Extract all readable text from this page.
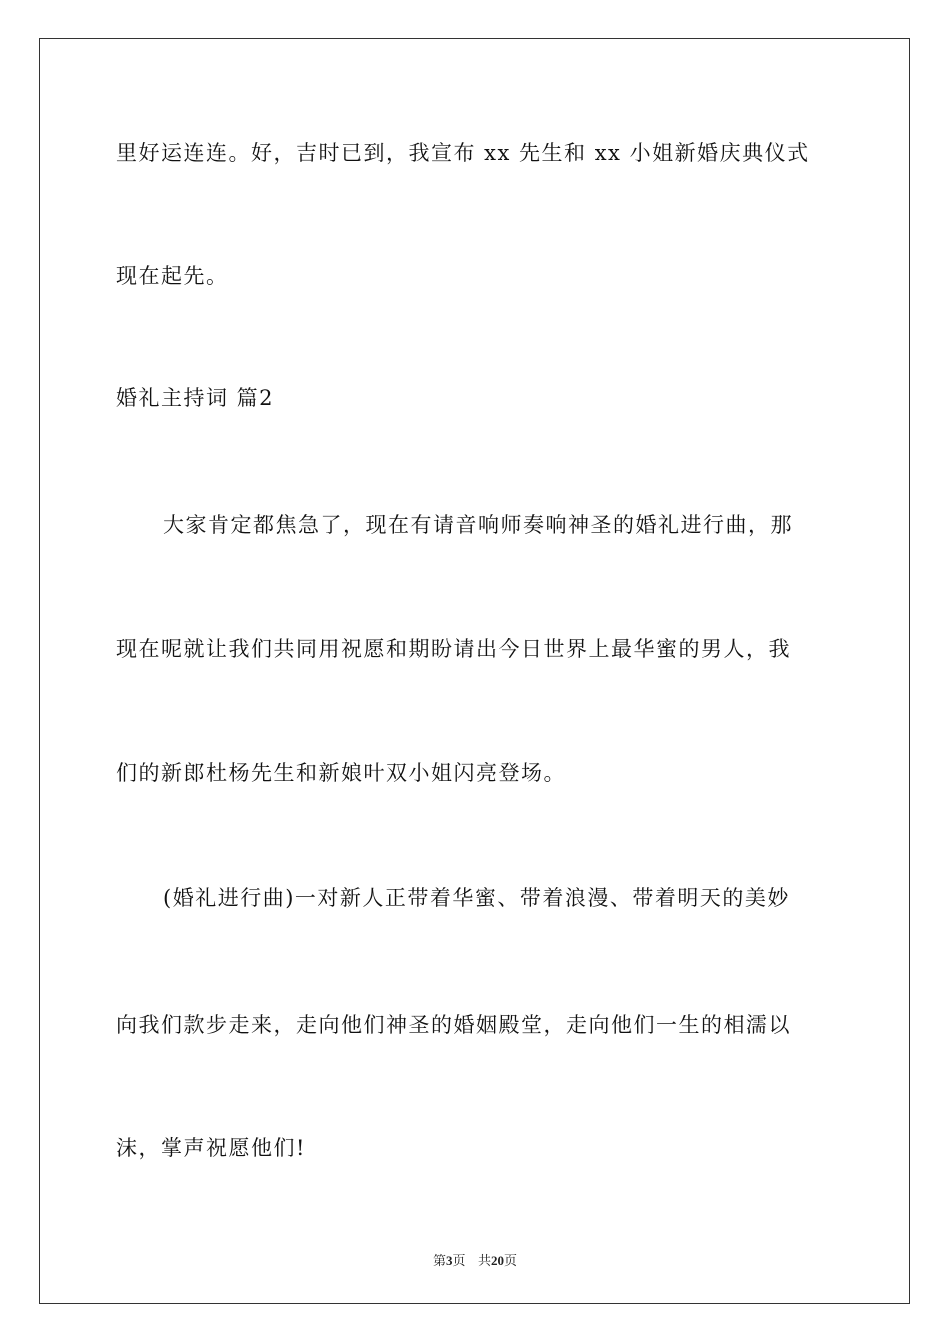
里好运连连。好，吉时已到，我宣布 xx 先生和 xx 小姐新婚庆典仪式
现在起先。
婚礼主持词 篇2
大家肯定都焦急了，现在有请音响师奏响神圣的婚礼进行曲，那
现在呢就让我们共同用祝愿和期盼请出今日世界上最华蜜的男人，我
们的新郎杜杨先生和新娘叶双小姐闪亮登场。
(婚礼进行曲)一对新人正带着华蜜、带着浪漫、带着明天的美妙
向我们款步走来，走向他们神圣的婚姻殿堂，走向他们一生的相濡以
沫，掌声祝愿他们!
第3页 共20页
